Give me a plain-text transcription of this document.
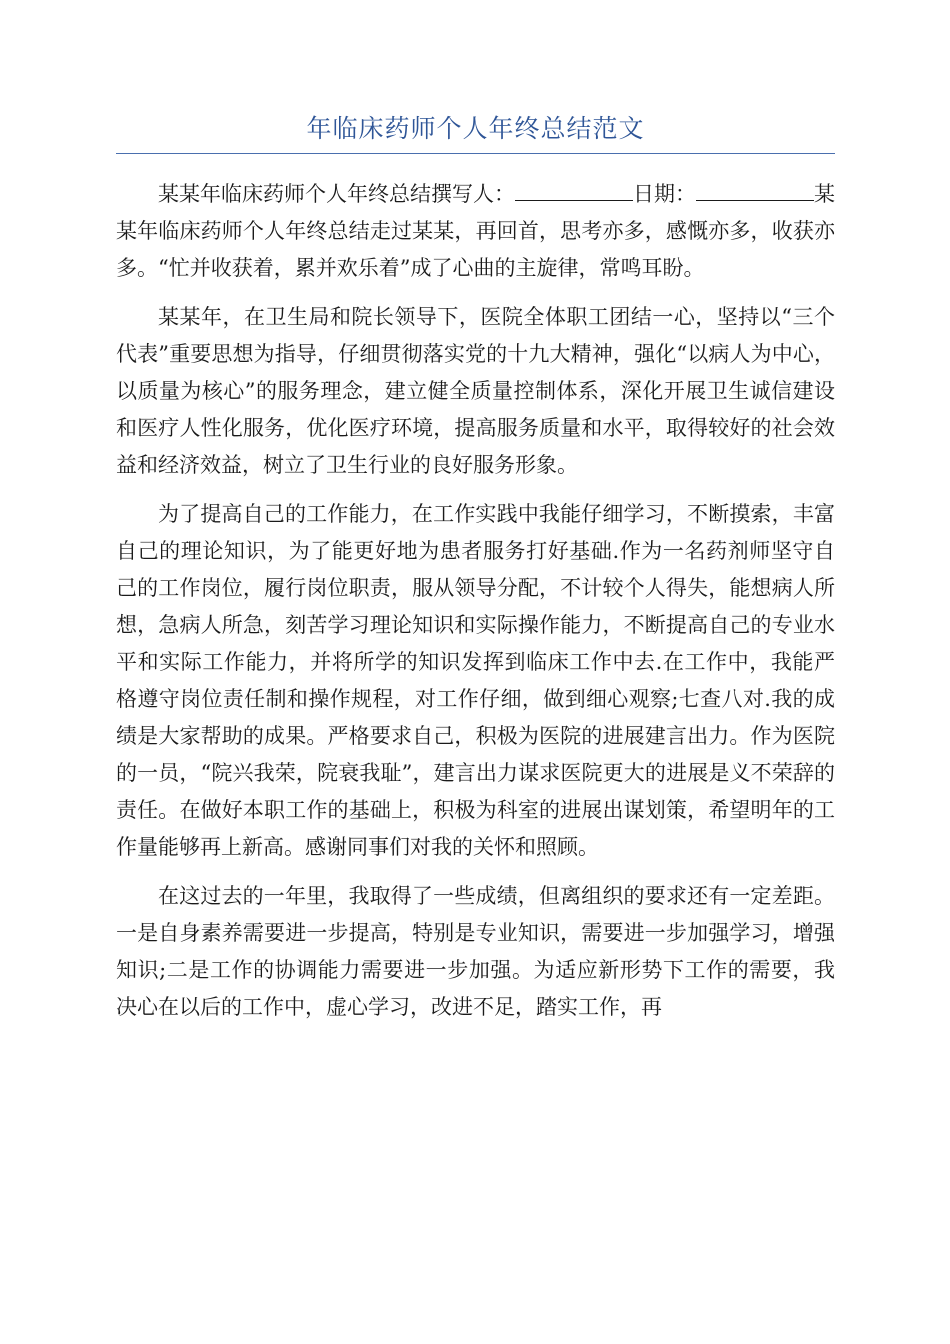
年临床药师个人年终总结范文

某某年临床药师个人年终总结撰写人：	日期：	某某年临床药师个人年终总结走过某某，再回首，思考亦多，感慨亦多，收获亦多。“忙并收获着，累并欢乐着”成了心曲的主旋律，常鸣耳盼。

某某年，在卫生局和院长领导下，医院全体职工团结一心，坚持以“三个代表”重要思想为指导，仔细贯彻落实党的十九大精神，强化“以病人为中心，以质量为核心”的服务理念，建立健全质量控制体系，深化开展卫生诚信建设和医疗人性化服务，优化医疗环境，提高服务质量和水平，取得较好的社会效益和经济效益，树立了卫生行业的良好服务形象。

为了提高自己的工作能力，在工作实践中我能仔细学习，不断摸索，丰富自己的理论知识，为了能更好地为患者服务打好基础.作为一名药剂师坚守自己的工作岗位，履行岗位职责，服从领导分配，不计较个人得失，能想病人所想，急病人所急，刻苦学习理论知识和实际操作能力，不断提高自己的专业水平和实际工作能力，并将所学的知识发挥到临床工作中去.在工作中，我能严格遵守岗位责任制和操作规程，对工作仔细，做到细心观察;七查八对.我的成绩是大家帮助的成果。严格要求自己，积极为医院的进展建言出力。作为医院的一员，“院兴我荣，院衰我耻”，建言出力谋求医院更大的进展是义不荣辞的责任。在做好本职工作的基础上，积极为科室的进展出谋划策，希望明年的工作量能够再上新高。感谢同事们对我的关怀和照顾。

在这过去的一年里，我取得了一些成绩，但离组织的要求还有一定差距。一是自身素养需要进一步提高，特别是专业知识，需要进一步加强学习，增强知识;二是工作的协调能力需要进一步加强。为适应新形势下工作的需要，我决心在以后的工作中，虚心学习，改进不足，踏实工作，再
